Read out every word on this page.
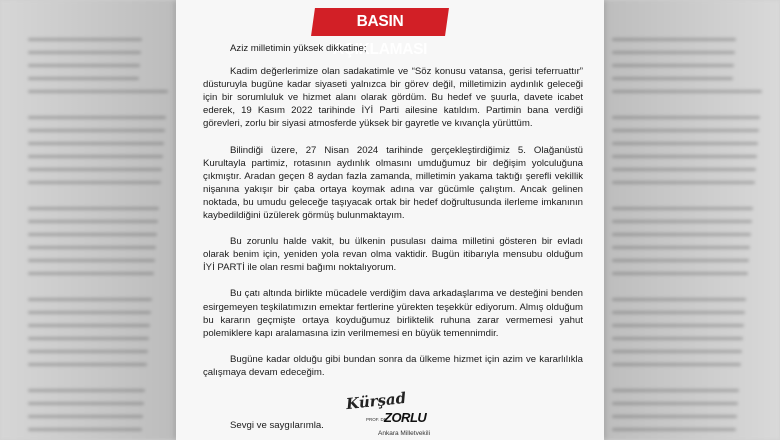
BASIN AÇIKLAMASI

Aziz milletimin yüksek dikkatine;

Kadim değerlerimize olan sadakatimle ve “Söz konusu vatansa, gerisi teferruattır” düsturuyla bugüne kadar siyaseti yalnızca bir görev değil, milletimizin aydınlık geleceği için bir sorumluluk ve hizmet alanı olarak gördüm. Bu hedef ve şuurla, davete icabet ederek, 19 Kasım 2022 tarihinde İYİ Parti ailesine katıldım. Partimin bana verdiği görevleri, zorlu bir siyasi atmosferde yüksek bir gayretle ve kıvançla yürüttüm.

Bilindiği üzere, 27 Nisan 2024 tarihinde gerçekleştirdiğimiz 5. Olağanüstü Kurultayla partimiz, rotasının aydınlık olmasını umduğumuz bir değişim yolculuğuna çıkmıştır. Aradan geçen 8 aydan fazla zamanda, milletimin yakama taktığı şerefli vekillik nişanına yakışır bir çaba ortaya koymak adına var gücümle çalıştım. Ancak gelinen noktada, bu umudu geleceğe taşıyacak ortak bir hedef doğrultusunda ilerleme imkanının kaybedildiğini üzülerek görmüş bulunmaktayım.

Bu zorunlu halde vakit, bu ülkenin pusulası daima milletini gösteren bir evladı olarak benim için, yeniden yola revan olma vaktidir. Bugün itibarıyla mensubu olduğum İYİ PARTİ ile olan resmi bağımı noktalıyorum.

Bu çatı altında birlikte mücadele verdiğim dava arkadaşlarıma ve desteğini benden esirgemeyen teşkilatımızın emektar fertlerine yürekten teşekkür ediyorum. Almış olduğum bu kararın geçmişte ortaya koyduğumuz birliktelik ruhuna zarar vermemesi yahut polemiklere kapı aralamasına izin verilmemesi en büyük temennimdir.

Bugüne kadar olduğu gibi bundan sonra da ülkeme hizmet için azim ve kararlılıkla çalışmaya devam edeceğim.

Sevgi ve saygılarımla.
Kürşad
PROF. DR.
ZORLU
Ankara Milletvekili
